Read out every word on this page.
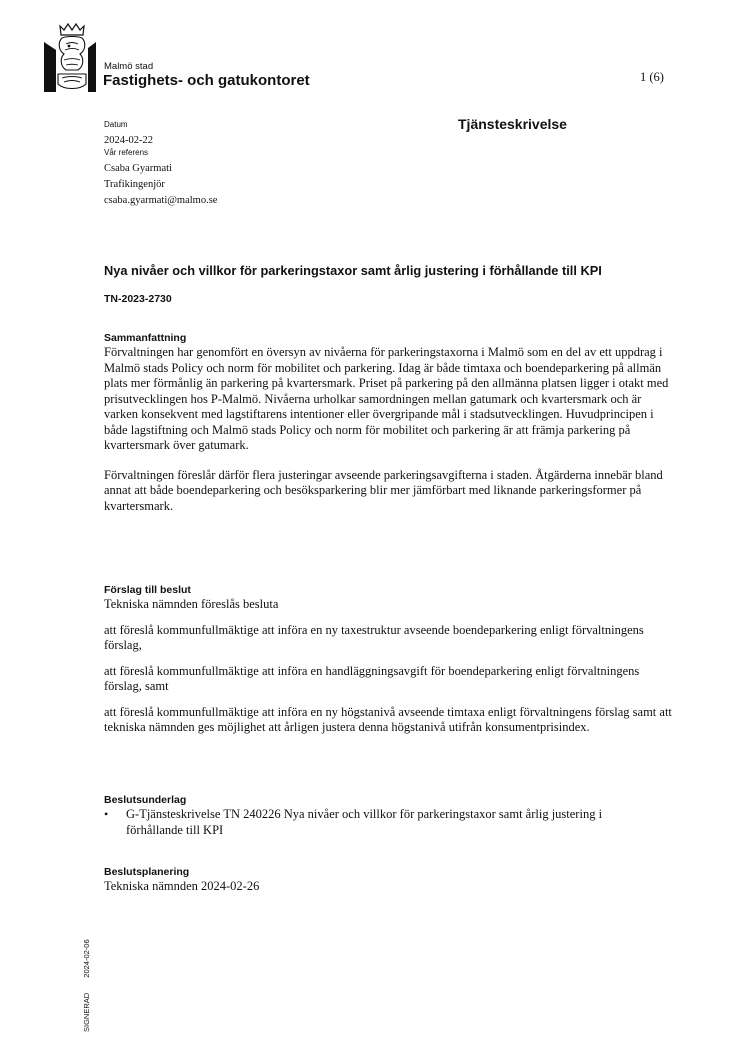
Malmö stad
Fastighets- och gatukontoret	1 (6)
Tjänsteskrivelse
Datum
2024-02-22
Vår referens
Csaba Gyarmati
Trafikingenjör
csaba.gyarmati@malmo.se
Nya nivåer och villkor för parkeringstaxor samt årlig justering i förhållande till KPI
TN-2023-2730
Sammanfattning

Förvaltningen har genomfört en översyn av nivåerna för parkeringstaxorna i Malmö som en del av ett uppdrag i Malmö stads Policy och norm för mobilitet och parkering. Idag är både timtaxa och boendeparkering på allmän plats mer förmånlig än parkering på kvartersmark. Priset på parkering på den allmänna platsen ligger i otakt med prisutvecklingen hos P-Malmö. Nivåerna urholkar samordningen mellan gatumark och kvartersmark och är varken konsekvent med lagstiftarens intentioner eller övergripande mål i stadsutvecklingen. Huvudprincipen i både lagstiftning och Malmö stads Policy och norm för mobilitet och parkering är att främja parkering på kvartersmark över gatumark.

Förvaltningen föreslår därför flera justeringar avseende parkeringsavgifterna i staden. Åtgärderna innebär bland annat att både boendeparkering och besöksparkering blir mer jämförbart med liknande parkeringsformer på kvartersmark.

Förslag till beslut

Tekniska nämnden föreslås besluta

att föreslå kommunfullmäktige att införa en ny taxestruktur avseende boendeparkering enligt förvaltningens förslag,

att föreslå kommunfullmäktige att införa en handläggningsavgift för boendeparkering enligt förvaltningens förslag, samt

att föreslå kommunfullmäktige att införa en ny högstanivå avseende timtaxa enligt förvaltningens förslag samt att tekniska nämnden ges möjlighet att årligen justera denna högstanivå utifrån konsumentprisindex.

Beslutsunderlag
•	G-Tjänsteskrivelse TN 240226 Nya nivåer och villkor för parkeringstaxor samt årlig justering i förhållande till KPI

Beslutsplanering

Tekniska nämnden 2024-02-26

SIGNERAD 2024-02-06
